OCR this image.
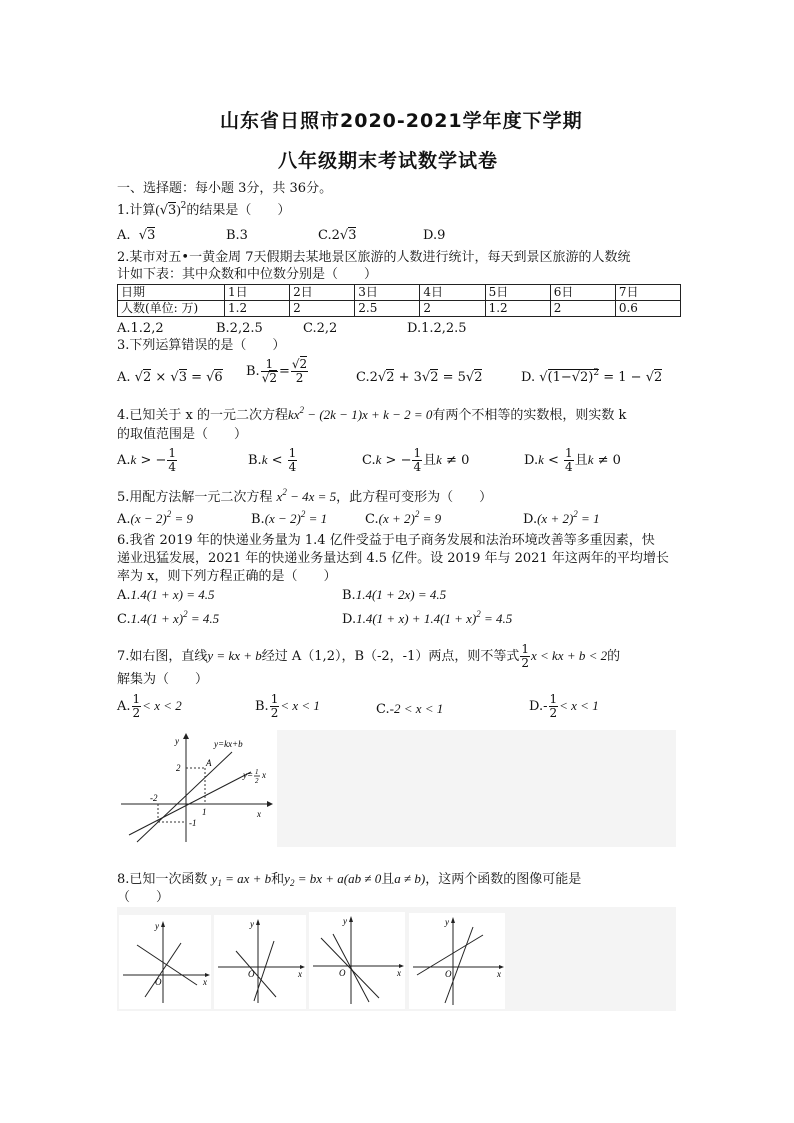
山东省日照市2020-2021学年度下学期
八年级期末考试数学试卷
一、选择题：每小题 3分，共 36分。
1.计算$(√3)^2$的结果是（　　）
A.  √3	B.3	C.2√3	D.9
2.某市对五•一黄金周 7天假期去某地景区旅游的人数进行统计，每天到景区旅游的人数统
计如下表：其中众数和中位数分别是（　　）
日期	1日	2日	3日	4日	5日	6日	7日
人数(单位: 万)	1.2	2	2.5	2	1.2	2	0.6
A.1.2,2	B.2,2.5	C.2,2	D.1.2,2.5
3.下列运算错误的是（　　）
A. √2 × √3 = √6 B. $\frac{1}{√2} = \frac{√2}{2}$	C.2√2 + 3√2 = 5√2	D. $√(1-√2)^2 = 1 - √2$
4.已知关于 x 的一元二次方程$kx^2 - (2k - 1)x + k - 2 = 0$有两个不相等的实数根，则实数 k
的取值范围是（　　）
A.k > − $\frac{1}{4}$	$B.k < \frac{1}{4}$	C.k > − $\frac{1}{4}$ 且k ≠ 0	$D.k < \frac{1}{4}$ 且k ≠ 0
5.用配方法解一元二次方程 $x^2 - 4x = 5$，此方程可变形为（　　）
$A.(x - 2)^2 = 9$	$B.(x - 2)^2 = 1$	$C.(x + 2)^2 = 9$	$D.(x + 2)^2 = 1$
6.我省 2019 年的快递业务量为 1.4 亿件受益于电子商务发展和法治环境改善等多重因素，快
递业迅猛发展，2021 年的快递业务量达到 4.5 亿件。设 2019 年与 2021 年这两年的平均增长
率为 x，则下列方程正确的是（　　）
A.1.4(1 + x) = 4.5	B.1.4(1 + 2x) = 4.5
$C.1.4(1 + x)^2 = 4.5$	$D.1.4(1 + x) + 1.4(1 + x)^2 = 4.5$
7.如右图，直线y = kx + b经过 A（1,2），B（-2，-1）两点，则不等式 $\frac{1}{2}$ x < kx + b < 2的
解集为（　　）
A. $\frac{1}{2} < x < 2$	B. $\frac{1}{2} < x < 1$	C.-2 < x < 1	$D.- \frac{1}{2} < x < 1$
y=kx+b
y= 1
2
x
A
2
-2
1
-1
y
x
8.已知一次函数 $y_1$ = ax + b和$y_2$ = bx + a(ab ≠ 0且a ≠ b)，这两个函数的图像可能是
（　　）
O	x
y
O	x
y
O	x
y
O	x
y
